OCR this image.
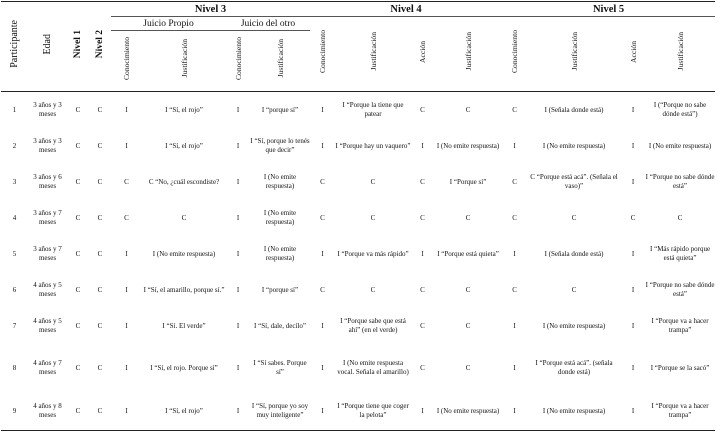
Participante	Edad	Nivel 1	Nivel 2	Nivel 3				Nivel 4				Nivel 5			
				Juicio Propio		Juicio del otro		Conocimiento	Justificación	Acción	Justificación	Conocimiento	Justificación	Acción	Justificación
				Conocimiento	Justificación	Conocimiento	Justificación								
1	3 años y 3 meses	C	C	I	I “Sí, el rojo”	I	I “porque sí”	I	I “Porque la tiene que patear	C	C	C	I (Señala donde está)	I	I (“Porque no sabe dónde está”)
2	3 años y 3 meses	C	C	I	I “Sí, el rojo”	I	I “Sí, porque lo tenés que decir”	I	I “Porque hay un vaquero”	I	I (No emite respuesta)	I	I (No emite respuesta)	I	I (No emite respuesta)
3	3 años y 6 meses	C	C	C	C “No, ¿cuál escondiste?	I	I (No emite respuesta)	C	C	C	I “Porque sí”	C	C “Porque está acá”. (Señala el vaso)”	I	I “Porque no sabe dónde está”
4	3 años y 7 meses	C	C	C	C	I	I (No emite respuesta)	C	C	C	C	C	C	C	C
5	3 años y 7 meses	C	C	I	I (No emite respuesta)	I	I (No emite respuesta)	I	I “Porque va más rápido”	I	I “Porque está quieta”	I	I (Señala donde está)	I	I “Más rápido porque está quieta”
6	4 años y 5 meses	C	C	I	I “Sí, el amarillo, porque sí.”	I	I “porque sí”	C	C	C	C	C	C	I	I “Porque no sabe dónde está”
7	4 años y 5 meses	C	C	I	I “Sí. El verde”	I	I “Sí, dale, decílo”	I	I “Porque sabe que está ahí” (en el verde)	C	C	I	I (No emite respuesta)	I	I “Porque va a hacer trampa”
8	4 años y 7 meses	C	C	I	I “Sí, el rojo. Porque sí”	I	I “Sí sabes. Porque sí”	I	I (No emite respuesta vocal. Señala el amarillo)	C	C	I	I “Porque está acá”. (señala donde está)	I	I “Porque se la sacó”
9	4 años y 8 meses	C	C	I	I “Sí, el rojo”	I	I “Sí, porque yo soy muy inteligente”	I	I “Porque tiene que coger la pelota”	I	I (No emite respuesta)	I	I (No emite respuesta)	I	I “Porque va a hacer trampa”
